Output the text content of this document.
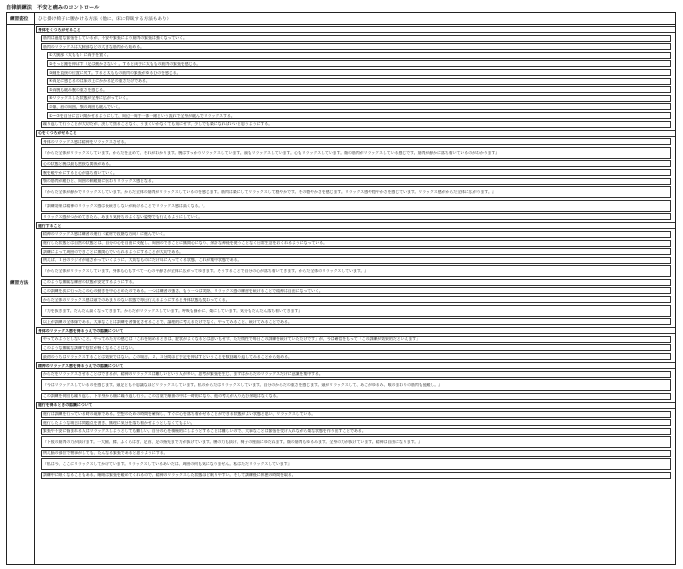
自律訓練法　不安と痛みのコントロール
練習姿位 ひじ掛け椅子に腰かける方法（他に、床に仰臥する方法もあり）
練習方法
身体をくつろがせること
筋肉は過度な緊張をしているが、不安や緊張により筋肉の緊張は強くなっていく。
筋肉のリラックスは大腿部などの大きな筋肉から始める。
①大腿部（太もも）に両手を置く。
②そっと踵を伸ばす（足は動かさない）。すると両手に太ももの筋肉の緊張を感じる。
③踵を直接の位置に戻す。すると太ももの筋肉の緊張がゆるむのを感じる。
④両足に感じるのは床の上にかかる足の重さだけである。
⑤両腕も緩み腕の重さを感じる。
⑥リラックスした状態が全身に広がっていく。
⑦額、眉の周囲、顎の周囲も緩んでいく。
①〜⑦を自分に言い聞かせるようにして、周辺一周手一体一緒という流れで全身が緩んでリラックスする。
繰り返して行うことが大切だが、決して焦ることなく、うまくいかなくても気にせず、少しでも楽になればいいと思うようにする。
心をくつろがせること
身体のリラックス感は精神をリラックスさせる。
『からだ全体がリラックスしています。からだを止めて、それがわかります。腕はすっかりリラックスしています。頭もリラックスしています。心もリラックスしています。顔の筋肉がリラックスしている感じです。筋肉が静かに落ち着いているのがわかります』
心の状態と腕は最も密接な関係がある。
腕を緩やかにすると心が落ち着いていく。
顎の筋肉が緩むと、周囲の制緩筋に伝わりリラックス感となる。
『からだ全体が静かでリラックスしています。からだ全体の筋肉がリラックスしているのを感じます。筋肉は楽にしてリラックスして穏やかです。その穏やかさを感じます。リラックス感や穏やかさを感じています。リラックス感がからだ全体に広がります。』
『訓練効果は精神のリラックス感は長続きしないが続けることでリラックス感は高くなる。',
リラックス感がつかめてきたら、あまり気持ちのよくない姿勢でも行えるようにしていく。
進行すること
精神のリラックス感は練習の進行（素材で段階な方向）に進んでいく。
進行した状態とは自然の状態とは、自分の心を自由に支配し、周囲のできごとに無関心になり、余計な神経を使うことなく日常生活をおくれるようになっている。
訓練によって周囲のできごとに無関心でいられるようにすることが大切である。
例えば、１台のラジオが遠ざかっていくように、大切なものにだけ耳に入ってくる状態、これが集中状態である。
『からだ全体がリラックスしています。身体も心もすべて一心の平静さが全体に広がってゆきます。そうすることで自分の心が落ち着いてきます。からだ全体のリラックスしています。』
このような無駄な練習の状態が安定するようにする。
この訓練を次に行ったこの心の動きを中心とめたのである。一つは練習の強さ、もう一つは実際、リラックス感の練習を続けることで精神は自由になっていく。
からだ全体のリラックス感は頭でのあまりのない状態で毎日行えるようにすると身体状態も変わってくる。
『力を抜きます。だんだん高くなってきます。からだがリラックスしています。呼吸も静かに、楽にしています。気分もだんだん落ち着いてきます』
以上が訓練の全体像である。大事なことは訓練を習慣化させることで、論理的に考えるだけでなく、やってみること、続けてみることである。
身体のリラックス感を得るうえでの認識について
やってみようとしないこと。やってみた方の感じは「これを始めるときは、症状がよくなるとは思いもせず、ただ惰性で毎日この訓練を続けていただけです」が、今は確信をもって「この訓練が効果的だといえます」
このような無駄な訓練で症状が軽くなることはない。
最初のうちはリラックスすることは効果ではない。この場合、２、３分間ほど手足を伸ばすということを数回繰り返してみることから始める。
精神のリラックス感を得るうえでの認識について
からだをリラックスさせることはできるが、精神のリラックスは難しいという人が多い。思考が緊張を生じ、まずはからだのリラックスだけに意識を集中する。
『今はリラックスしているのを感じます。頭足とも不思議なほどリラックスしています。私のからだはリラックスしています。自分のからだの重さを感じます。頭がリラックスして、あごがゆるみ、喉のまわりの筋肉も弛緩し。』
この訓練を何回も繰り返し、下半身から順に繰り返し行う。この言葉で順番の中は一時的になり、他の考えが入り込む余地はなくなる。
進行を得るときの認識について
進行は訓練を行っている時の現象である。空想のための時間を確保し、すぐに心を落ち着かせることができる状態がよい状態と思い、リラックスしている。
進行したような場合は問題点を書き、無理に気分を落ち着かせようとしなくてもよい。
緊張や不安に悩まれる人はリラックスしようとしても難しい。自分の心を積極的にしようとすることは難しいので、大事なことは緊張を受け入れながら楽な状態を作り出すことである。
『下肢の筋肉の力が抜けます。一大腿、膝、ふくらはぎ、足首、足の指先まで力が抜けています。腰の力も抜け、椅子の座面にゆだねます。顔の筋肉もゆるみます。全身の力が抜けています。精神は自由になります。』
例え脳の部位で物事がしても、たんなる緊張であると思うようにする。
『私は今、ここにリラックスしてかけています。リラックスしているあいだは、周囲の何も気になりません。私はただリラックスしています』
訓練中に眠くなることもある。睡眠は緊張を緩めてくれるので、精神のリラックスした状態ほど眠りやすい。そして訓練後に休憩の時間を取る。
